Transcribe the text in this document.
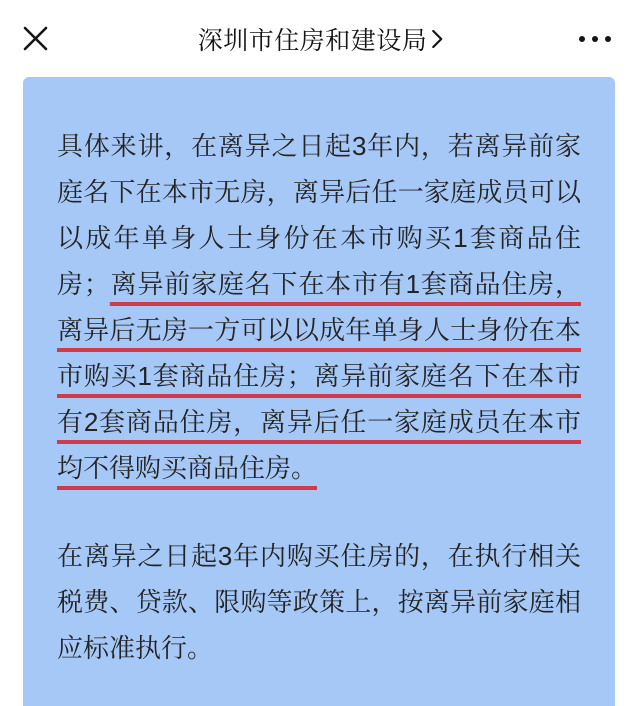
深圳市住房和建设局

具体来讲，在离异之日起3年内，若离异前家庭名下在本市无房，离异后任一家庭成员可以以成年单身人士身份在本市购买1套商品住房；离异前家庭名下在本市有1套商品住房，离异后无房一方可以以成年单身人士身份在本市购买1套商品住房；离异前家庭名下在本市有2套商品住房，离异后任一家庭成员在本市均不得购买商品住房。

在离异之日起3年内购买住房的，在执行相关税费、贷款、限购等政策上，按离异前家庭相应标准执行。
